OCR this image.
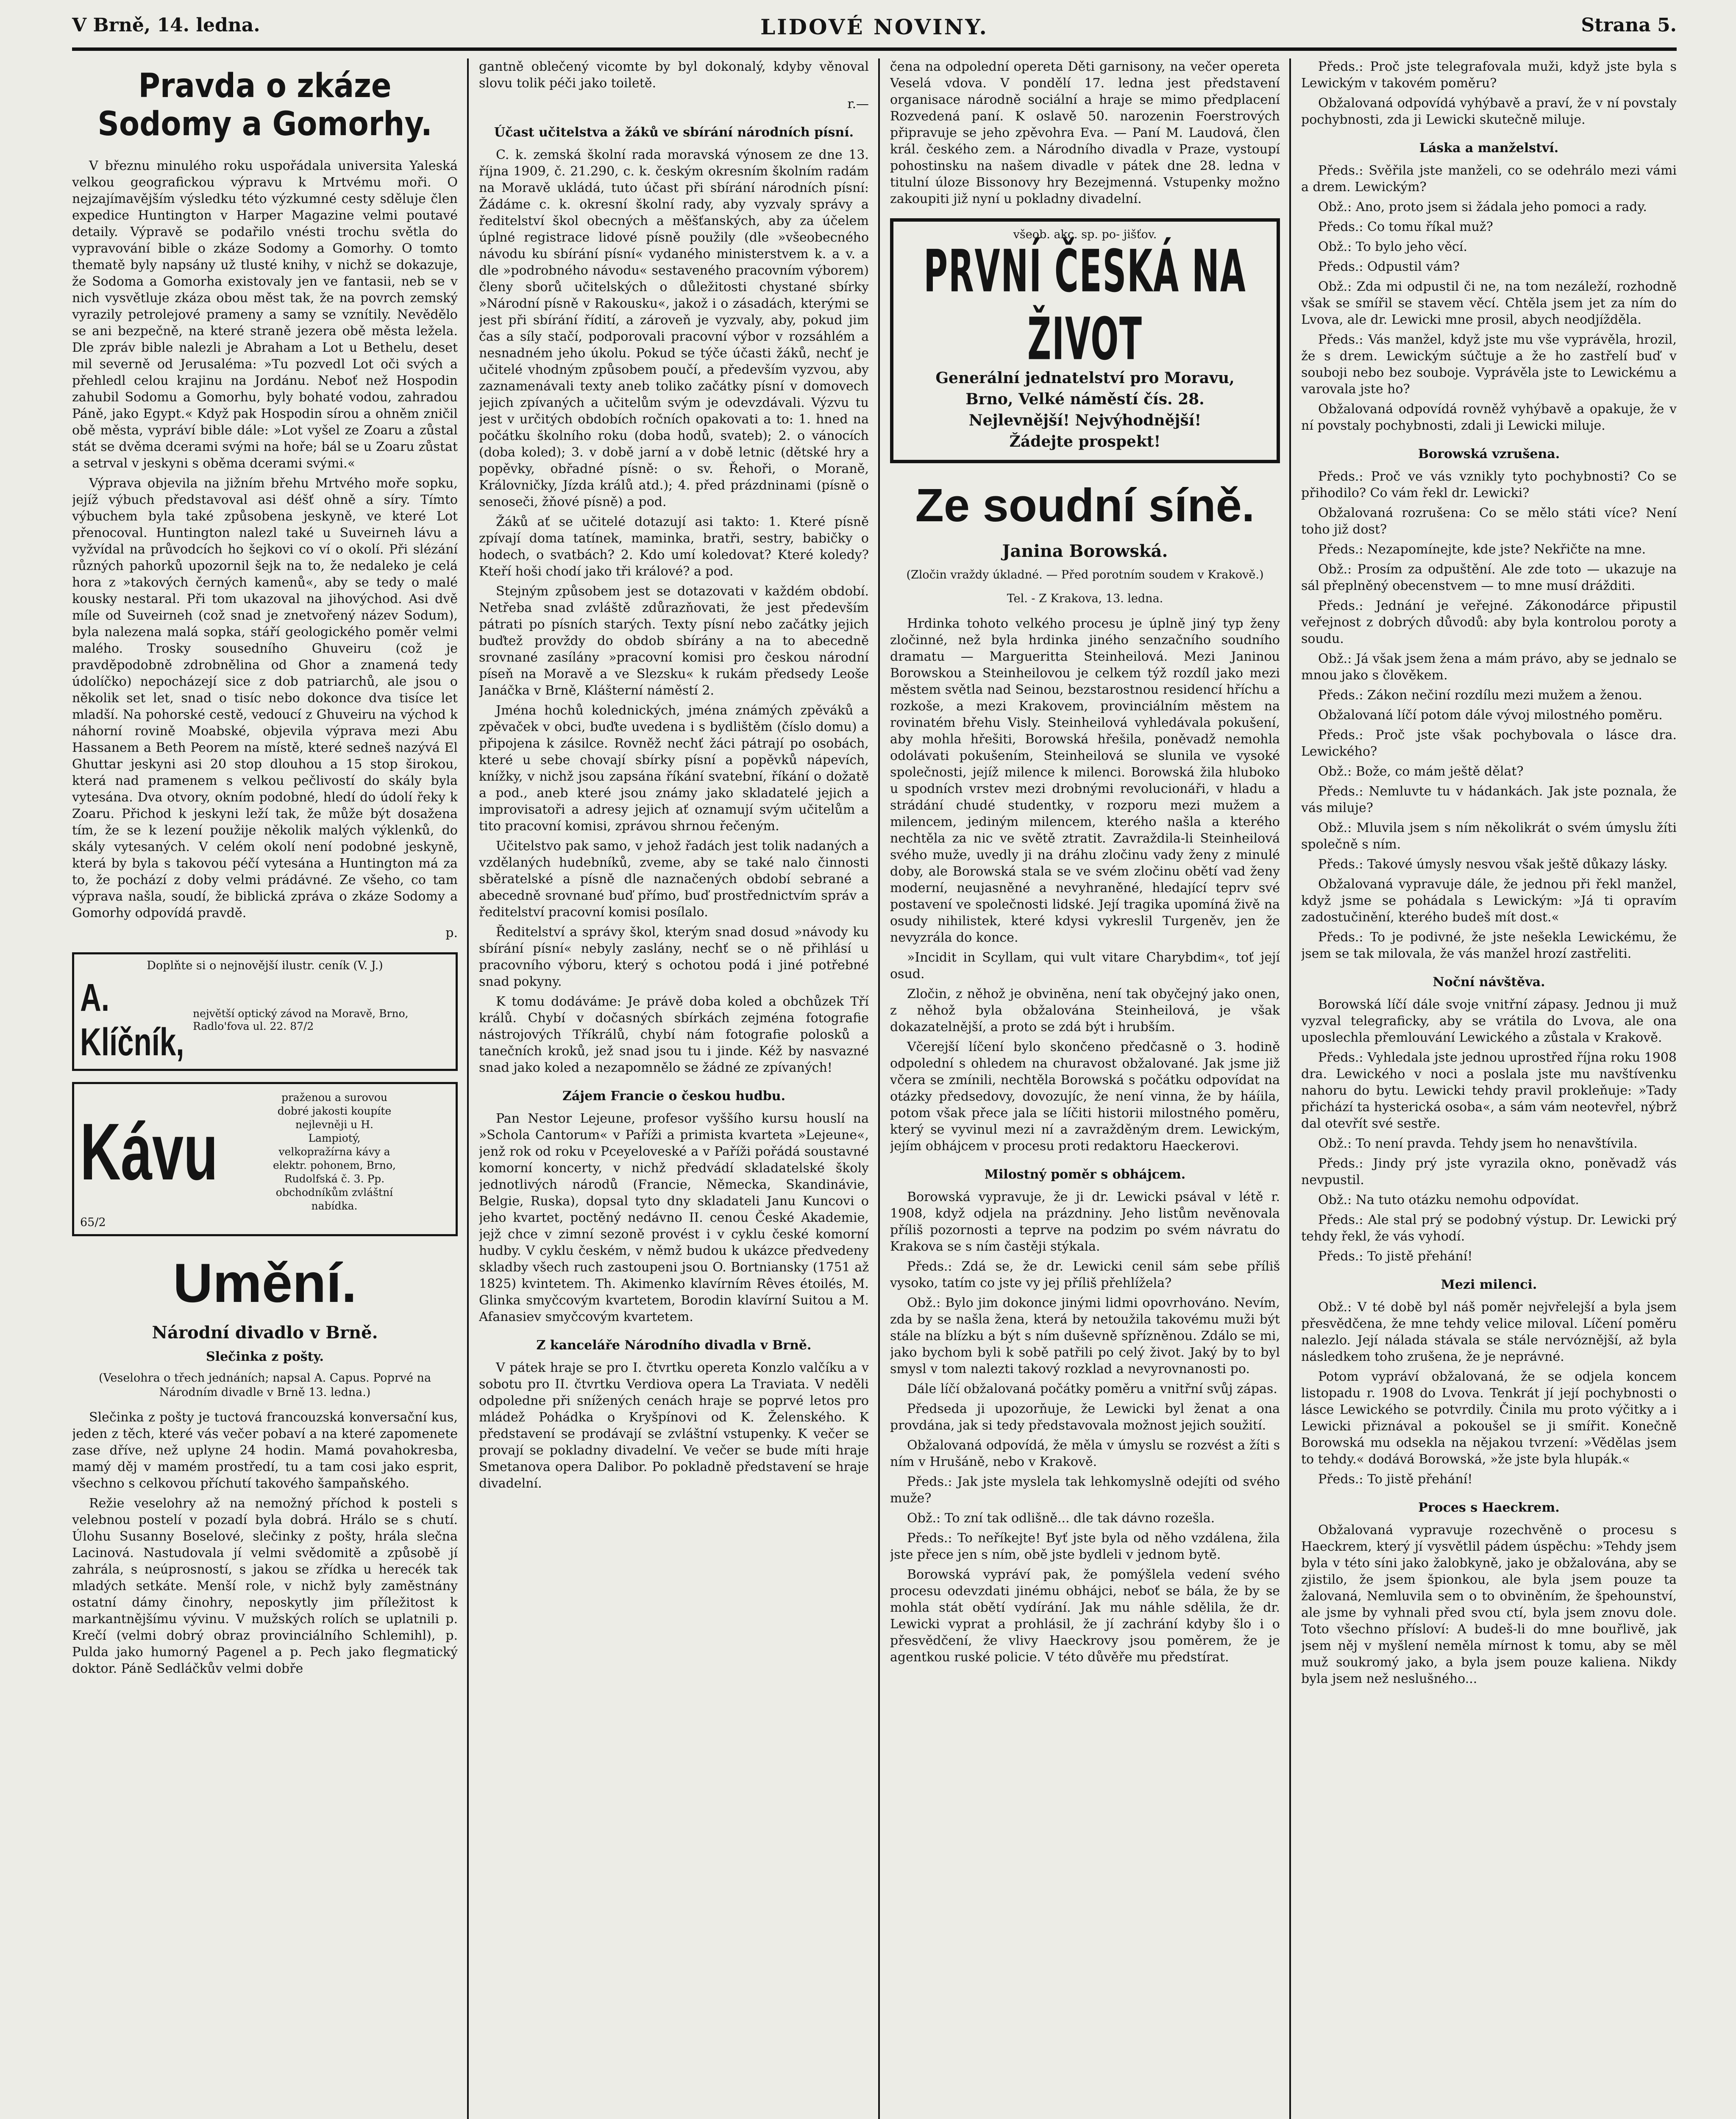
V Brně, 14. ledna.	LIDOVÉ NOVINY.	Strana 5.
Pravda o zkáze Sodomy a Gomorhy.

V březnu minulého roku uspořádala universita Yaleská velkou geografickou výpravu k Mrtvému moři. O nejzajímavějším výsledku této výzkumné cesty sděluje člen expedice Huntington v Harper Magazine velmi poutavé detaily. Výpravě se podařilo vnésti trochu světla do vypravování bible o zkáze Sodomy a Gomorhy. O tomto thematě byly napsány už tlusté knihy, v nichž se dokazuje, že Sodoma a Gomorha existovaly jen ve fantasii, neb se v nich vysvětluje zkáza obou měst tak, že na povrch zemský vyrazily petrolejové prameny a samy se vznítily. Nevědělo se ani bezpečně, na které straně jezera obě města ležela. Dle zpráv bible nalezli je Abraham a Lot u Bethelu, deset mil severně od Jerusaléma: »Tu pozvedl Lot oči svých a přehledl celou krajinu na Jordánu. Neboť než Hospodin zahubil Sodomu a Gomorhu, byly bohaté vodou, zahradou Páně, jako Egypt.« Když pak Hospodin sírou a ohněm zničil obě města, vypráví bible dále: »Lot vyšel ze Zoaru a zůstal stát se dvěma dcerami svými na hoře; bál se u Zoaru zůstat a setrval v jeskyni s oběma dcerami svými.«

Výprava objevila na jižním břehu Mrtvého moře sopku, jejíž výbuch představoval asi déšť ohně a síry. Tímto výbuchem byla také způsobena jeskyně, ve které Lot přenocoval. Huntington nalezl také u Suveirneh lávu a vyžvídal na průvodcích ho šejkovi co ví o okolí. Při slézání různých pahorků upozornil šejk na to, že nedaleko je celá hora z »takových černých kamenů«, aby se tedy o malé kousky nestaral. Při tom ukazoval na jihovýchod. Asi dvě míle od Suveirneh (což snad je znetvořený název Sodum), byla nalezena malá sopka, stáří geologického poměr velmi malého. Trosky sousedního Ghuveiru (což je pravděpodobně zdrobnělina od Ghor a znamená tedy údolíčko) nepocházejí sice z dob patriarchů, ale jsou o několik set let, snad o tisíc nebo dokonce dva tisíce let mladší. Na pohorské cestě, vedoucí z Ghuveiru na východ k náhorní rovině Moabské, objevila výprava mezi Abu Hassanem a Beth Peorem na místě, které sedneš nazývá El Ghuttar jeskyni asi 20 stop dlouhou a 15 stop širokou, která nad pramenem s velkou pečlivostí do skály byla vytesána. Dva otvory, okním podobné, hledí do údolí řeky k Zoaru. Přichod k jeskyni leží tak, že může být dosažena tím, že se k lezení použije několik malých výklenků, do skály vytesaných. V celém okolí není podobné jeskyně, která by byla s takovou péčí vytesána a Huntington má za to, že pochází z doby velmi prádávné. Ze všeho, co tam výprava našla, soudí, že biblická zpráva o zkáze Sodomy a Gomorhy odpovídá pravdě.

p.
Doplňte si o nejnovější ilustr. ceník (V. J.)
A. Klíčník,
největší optický závod na Moravě, Brno, Radlo'fova ul. 22. 87/2
Kávu
praženou a surovou dobré jakosti koupíte nejlevněji u H. Lampiotý, velkopražírna kávy a elektr. pohonem, Brno, Rudolfská č. 3. Pp. obchodníkům zvláštní nabídka.
65/2
Umění.
Národní divadlo v Brně.
Slečinka z pošty.
(Veselohra o třech jednáních; napsal A. Capus. Poprvé na Národním divadle v Brně 13. ledna.)

Slečinka z pošty je tuctová francouzská konversační kus, jeden z těch, které vás večer pobaví a na které zapomenete zase dříve, než uplyne 24 hodin. Mamá povahokresba, mamý děj v mamém prostředí, tu a tam cosi jako esprit, všechno s celkovou příchutí takového šampaňského.

Režie veselohry až na nemožný příchod k posteli s velebnou postelí v pozadí byla dobrá. Hrálo se s chutí. Úlohu Susanny Boselové, slečinky z pošty, hrála slečna Lacinová. Nastudovala jí velmi svědomitě a způsobě jí zahrála, s neúprosností, s jakou se zřídka u herecék tak mladých setkáte. Menší role, v nichž byly zaměstnány ostatní dámy činohry, neposkytly jim příležitost k markantnějšímu vývinu. V mužských rolích se uplatnili p. Krečí (velmi dobrý obraz provinciálního Schlemihl), p. Pulda jako humorný Pagenel a p. Pech jako flegmatický doktor. Páně Sedláčkův velmi dobře

gantně oblečený vicomte by byl dokonalý, kdyby věnoval slovu tolik péči jako toiletě.
r.—
Účast učitelstva a žáků ve sbírání národních písní.

C. k. zemská školní rada moravská výnosem ze dne 13. října 1909, č. 21.290, c. k. českým okresním školním radám na Moravě ukládá, tuto účast při sbírání národních písní: Žádáme c. k. okresní školní rady, aby vyzvaly správy a ředitelství škol obecných a měšťanských, aby za účelem úplné registrace lidové písně použily (dle »všeobecného návodu ku sbírání písní« vydaného ministerstvem k. a v. a dle »podrobného návodu« sestaveného pracovním výborem) členy sborů učitelských o důležitosti chystané sbírky »Národní písně v Rakousku«, jakož i o zásadách, kterými se jest při sbírání řídití, a zároveň je vyzvaly, aby, pokud jim čas a síly stačí, podporovali pracovní výbor v rozsáhlém a nesnadném jeho úkolu. Pokud se týče účasti žáků, nechť je učitelé vhodným způsobem poučí, a především vyzvou, aby zaznamenávali texty aneb toliko začátky písní v domovech jejich zpívaných a učitelům svým je odevzdávali. Výzvu tu jest v určitých obdobích ročních opakovati a to: 1. hned na počátku školního roku (doba hodů, svateb); 2. o vánocích (doba koled); 3. v době jarní a v době letnic (dětské hry a popěvky, obřadné písně: o sv. Řehoři, o Moraně, Královničky, Jízda králů atd.); 4. před prázdninami (písně o senoseči, žňové písně) a pod.

Žáků ať se učitelé dotazují asi takto: 1. Které písně zpívají doma tatínek, maminka, bratři, sestry, babičky o hodech, o svatbách? 2. Kdo umí koledovat? Které koledy? Kteří hoši chodí jako tři králové? a pod.

Stejným způsobem jest se dotazovati v každém období. Netřeba snad zvláště zdůrazňovati, že jest především pátrati po písních starých. Texty písní nebo začátky jejich buďtež provždy do obdob sbírány a na to abecedně srovnané zasílány »pracovní komisi pro českou národní píseň na Moravě a ve Slezsku« k rukám předsedy Leoše Janáčka v Brně, Klášterní náměstí 2.

Jména hochů kolednických, jména známých zpěváků a zpěvaček v obci, buďte uvedena i s bydlištěm (číslo domu) a připojena k zásilce. Rovněž nechť žáci pátrají po osobách, které u sebe chovají sbírky písní a popěvků nápevích, knížky, v nichž jsou zapsána říkání svatební, říkání o dožatě a pod., aneb které jsou známy jako skladatelé jejich a improvisatoři a adresy jejich ať oznamují svým učitelům a tito pracovní komisi, zprávou shrnou řečeným.

Učitelstvo pak samo, v jehož řadách jest tolik nadaných a vzdělaných hudebníků, zveme, aby se také nalo činnosti sběratelské a písně dle naznačených období sebrané a abecedně srovnané buď přímo, buď prostřednictvím správ a ředitelství pracovní komisi posílalo.

Ředitelství a správy škol, kterým snad dosud »návody ku sbírání písní« nebyly zaslány, nechť se o ně přihlásí u pracovního výboru, který s ochotou podá i jiné potřebné snad pokyny.

K tomu dodáváme: Je právě doba koled a obchůzek Tří králů. Chybí v dočasných sbírkách zejména fotografie nástrojových Tříkrálů, chybí nám fotografie polosků a tanečních kroků, jež snad jsou tu i jinde. Kéž by nasvazné snad jako koled a nezapomnělo se žádné ze zpívaných!

Zájem Francie o českou hudbu.

Pan Nestor Lejeune, profesor vyššího kursu houslí na »Schola Cantorum« v Paříži a primista kvarteta »Lejeune«, jenž rok od roku v Pceyeloveské a v Paříži pořádá soustavné komorní koncerty, v nichž předvádí skladatelské školy jednotlivých národů (Francie, Německa, Skandinávie, Belgie, Ruska), dopsal tyto dny skladateli Janu Kuncovi o jeho kvartet, poctěný nedávno II. cenou České Akademie, jejž chce v zimní sezoně provést i v cyklu české komorní hudby. V cyklu českém, v němž budou k ukázce předvedeny skladby všech ruch zastoupeni jsou O. Bortniansky (1751 až 1825) kvintetem. Th. Akimenko klavírním Rêves étoilés, M. Glinka smyčcovým kvartetem, Borodin klavírní Suitou a M. Afanasiev smyčcovým kvartetem.

Z kanceláře Národního divadla v Brně.

V pátek hraje se pro I. čtvrtku opereta Konzlo valčíku a v sobotu pro II. čtvrtku Verdiova opera La Traviata. V neděli odpoledne při snížených cenách hraje se poprvé letos pro mládež Pohádka o Kryšpínovi od K. Želenského. K představení se prodávají se zvláštní vstupenky. K večer se provají se pokladny divadelní. Ve večer se bude míti hraje Smetanova opera Dalibor. Po pokladně představení se hraje divadelní.

čena na odpolední opereta Děti garnisony, na večer opereta Veselá vdova. V pondělí 17. ledna jest představení organisace národně sociální a hraje se mimo předplacení Rozvedená paní. K oslavě 50. narozenin Foerstrových připravuje se jeho zpěvohra Eva. — Paní M. Laudová, člen král. českého zem. a Národního divadla v Praze, vystoupí pohostinsku na našem divadle v pátek dne 28. ledna v titulní úloze Bissonovy hry Bezejmenná. Vstupenky možno zakoupiti již nyní u pokladny divadelní.
všeob. akc. sp. po- jišťov.
PRVNÍ ČESKÁ NA ŽIVOT
Generální jednatelství pro Moravu,
Brno, Velké náměstí čís. 28.
Nejlevnější! Nejvýhodnější!
Žádejte prospekt!
Ze soudní síně.
Janina Borowská.
(Zločin vraždy úkladné. — Před porotním soudem v Krakově.)
Tel. - Z Krakova, 13. ledna.

Hrdinka tohoto velkého procesu je úplně jiný typ ženy zločinné, než byla hrdinka jiného senzačního soudního dramatu — Margueritta Steinheilová. Mezi Janinou Borowskou a Steinheilovou je celkem týž rozdíl jako mezi městem světla nad Seinou, bezstarostnou residencí hříchu a rozkoše, a mezi Krakovem, provinciálním městem na rovinatém břehu Visly. Steinheilová vyhledávala pokušení, aby mohla hřešiti, Borowská hřešila, poněvadž nemohla odolávati pokušením, Steinheilová se slunila ve vysoké společnosti, jejíž milence k milenci. Borowská žila hluboko u spodních vrstev mezi drobnými revolucionáři, v hladu a strádání chudé studentky, v rozporu mezi mužem a milencem, jediným milencem, kterého našla a kterého nechtěla za nic ve světě ztratit. Zavraždila-li Steinheilová svého muže, uvedly ji na dráhu zločinu vady ženy z minulé doby, ale Borowská stala se ve svém zločinu obětí vad ženy moderní, neujasněné a nevyhraněné, hledající teprv své postavení ve společnosti lidské. Její tragika upomíná živě na osudy nihilistek, které kdysi vykreslil Turgeněv, jen že nevyzrála do konce.

»Incidit in Scyllam, qui vult vitare Charybdim«, toť její osud.

Zločin, z něhož je obviněna, není tak obyčejný jako onen, z něhož byla obžalována Steinheilová, je však dokazatelnější, a proto se zdá být i hrubším.

Včerejší líčení bylo skončeno předčasně o 3. hodině odpolední s ohledem na churavost obžalované. Jak jsme již včera se zmínili, nechtěla Borowská s počátku odpovídat na otázky předsedovy, dovozujíc, že není vinna, že by háíila, potom však přece jala se líčiti historii milostného poměru, který se vyvinul mezi ní a zavražděným drem. Lewickým, jejím obhájcem v procesu proti redaktoru Haeckerovi.

Milostný poměr s obhájcem.

Borowská vypravuje, že ji dr. Lewicki psával v létě r. 1908, když odjela na prázdniny. Jeho listům nevěnovala příliš pozornosti a teprve na podzim po svém návratu do Krakova se s ním častěji stýkala.

Předs.: Zdá se, že dr. Lewicki cenil sám sebe příliš vysoko, tatím co jste vy jej příliš přehlížela?

Obž.: Bylo jim dokonce jinými lidmi opovrhováno. Nevím, zda by se našla žena, která by netoužila takovému muži být stále na blízku a být s ním duševně spřízněnou. Zdálo se mi, jako bychom byli k sobě patřili po celý život. Jaký by to byl smysl v tom nalezti takový rozklad a nevyrovnanosti po.

Dále líčí obžalovaná počátky poměru a vnitřní svůj zápas.

Předseda ji upozorňuje, že Lewicki byl ženat a ona provdána, jak si tedy představovala možnost jejich soužití.

Obžalovaná odpovídá, že měla v úmyslu se rozvést a žíti s ním v Hrušáně, nebo v Krakově.

Předs.: Jak jste myslela tak lehkomyslně odejíti od svého muže?

Obž.: To zní tak odlišně... dle tak dávno rozešla.

Předs.: To neříkejte! Byť jste byla od něho vzdálena, žila jste přece jen s ním, obě jste bydleli v jednom bytě.

Borowská vypráví pak, že pomýšlela vedení svého procesu odevzdati jinému obhájci, neboť se bála, že by se mohla stát obětí vydírání. Jak mu náhle sdělila, že dr. Lewicki vyprat a prohlásil, že jí zachrání kdyby šlo i o přesvědčení, že vlivy Haeckrovy jsou poměrem, že je agentkou ruské policie. V této důvěře mu předstírat.

Předs.: Proč jste telegrafovala muži, když jste byla s Lewickým v takovém poměru?

Obžalovaná odpovídá vyhýbavě a praví, že v ní povstaly pochybnosti, zda ji Lewicki skutečně miluje.

Láska a manželství.

Předs.: Svěřila jste manželi, co se odehrálo mezi vámi a drem. Lewickým?

Obž.: Ano, proto jsem si žádala jeho pomoci a rady.

Předs.: Co tomu říkal muž?

Obž.: To bylo jeho věcí.

Předs.: Odpustil vám?

Obž.: Zda mi odpustil či ne, na tom nezáleží, rozhodně však se smířil se stavem věcí. Chtěla jsem jet za ním do Lvova, ale dr. Lewicki mne prosil, abych neodjížděla.

Předs.: Vás manžel, když jste mu vše vyprávěla, hrozil, že s drem. Lewickým súčtuje a že ho zastřelí buď v souboji nebo bez souboje. Vyprávěla jste to Lewickému a varovala jste ho?

Obžalovaná odpovídá rovněž vyhýbavě a opakuje, že v ní povstaly pochybnosti, zdali ji Lewicki miluje.

Borowská vzrušena.

Předs.: Proč ve vás vznikly tyto pochybnosti? Co se přihodilo? Co vám řekl dr. Lewicki?

Obžalovaná rozrušena: Co se mělo státi více? Není toho již dost?

Předs.: Nezapomínejte, kde jste? Nekřičte na mne.

Obž.: Prosím za odpuštění. Ale zde toto — ukazuje na sál přeplněný obecenstvem — to mne musí drážditi.

Předs.: Jednání je veřejné. Zákonodárce připustil veřejnost z dobrých důvodů: aby byla kontrolou poroty a soudu.

Obž.: Já však jsem žena a mám právo, aby se jednalo se mnou jako s člověkem.

Předs.: Zákon nečiní rozdílu mezi mužem a ženou.

Obžalovaná líčí potom dále vývoj milostného poměru.

Předs.: Proč jste však pochybovala o lásce dra. Lewického?

Obž.: Bože, co mám ještě dělat?

Předs.: Nemluvte tu v hádankách. Jak jste poznala, že vás miluje?

Obž.: Mluvila jsem s ním několikrát o svém úmyslu žíti společně s ním.

Předs.: Takové úmysly nesvou však ještě důkazy lásky.

Obžalovaná vypravuje dále, že jednou při řekl manžel, když jsme se pohádala s Lewickým: »Já ti opravím zadostučinění, kterého budeš mít dost.«

Předs.: To je podivné, že jste nešekla Lewickému, že jsem se tak milovala, že vás manžel hrozí zastřeliti.

Noční návštěva.

Borowská líčí dále svoje vnitřní zápasy. Jednou ji muž vyzval telegraficky, aby se vrátila do Lvova, ale ona uposlechla přemlouvání Lewického a zůstala v Krakově.

Předs.: Vyhledala jste jednou uprostřed října roku 1908 dra. Lewického v noci a poslala jste mu navštívenku nahoru do bytu. Lewicki tehdy pravil prokleňuje: »Tady přichází ta hysterická osoba«, a sám vám neotevřel, nýbrž dal otevřít své sestře.

Obž.: To není pravda. Tehdy jsem ho nenavštívila.

Předs.: Jindy prý jste vyrazila okno, poněvadž vás nevpustil.

Obž.: Na tuto otázku nemohu odpovídat.

Předs.: Ale stal prý se podobný výstup. Dr. Lewicki prý tehdy řekl, že vás vyhodí.

Předs.: To jistě přehání!

Mezi milenci.

Obž.: V té době byl náš poměr nejvřelejší a byla jsem přesvědčena, že mne tehdy velice miloval. Líčení poměru nalezlo. Její nálada stávala se stále nervóznější, až byla následkem toho zrušena, že je neprávné.

Potom vypráví obžalovaná, že se odjela koncem listopadu r. 1908 do Lvova. Tenkrát jí její pochybnosti o lásce Lewického se potvrdily. Činila mu proto výčitky a i Lewicki přiznával a pokoušel se ji smířit. Konečně Borowská mu odsekla na nějakou tvrzení: »Vědělas jsem to tehdy.« dodává Borowská, »že jste byla hlupák.«

Předs.: To jistě přehání!

Proces s Haeckrem.

Obžalovaná vypravuje rozechvěně o procesu s Haeckrem, který jí vysvětlil pádem úspěchu: »Tehdy jsem byla v této síni jako žalobkyně, jako je obžalována, aby se zjistilo, že jsem špionkou, ale byla jsem pouze ta žalovaná, Nemluvila sem o to obviněním, že špehounství, ale jsme by vyhnali před svou ctí, byla jsem znovu dole. Toto všechno přísloví: A budeš-li do mne bouřlivě, jak jsem něj v myšlení neměla mírnost k tomu, aby se měl muž soukromý jako, a byla jsem pouze kaliena. Nikdy byla jsem než neslušného...
